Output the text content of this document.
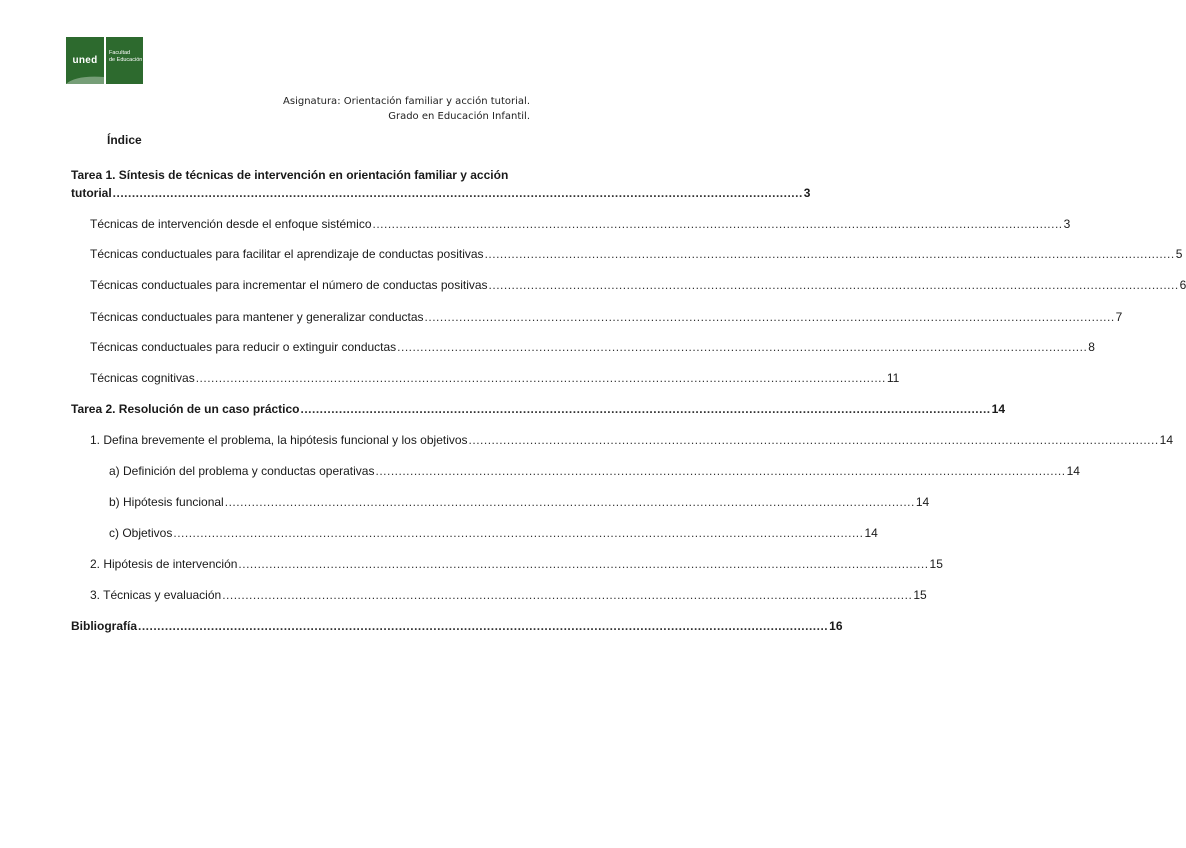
uned
Facultad
de Educación
Asignatura: Orientación familiar y acción tutorial.
Grado en Educación Infantil.
Índice
Tarea 1. Síntesis de técnicas de intervención en orientación familiar y acción
tutorial .................................................................................................................................................................................... 3
Técnicas de intervención desde el enfoque sistémico .................................................................................................................................................................................... 3
Técnicas conductuales para facilitar el aprendizaje de conductas positivas .................................................................................................................................................................................... 5
Técnicas conductuales para incrementar el número de conductas positivas .................................................................................................................................................................................... 6
Técnicas conductuales para mantener y generalizar conductas .................................................................................................................................................................................... 7
Técnicas conductuales para reducir o extinguir conductas .................................................................................................................................................................................... 8
Técnicas cognitivas .................................................................................................................................................................................... 11
Tarea 2. Resolución de un caso práctico .................................................................................................................................................................................... 14
1. Defina brevemente el problema, la hipótesis funcional y los objetivos .................................................................................................................................................................................... 14
a) Definición del problema y conductas operativas .................................................................................................................................................................................... 14
b) Hipótesis funcional .................................................................................................................................................................................... 14
c) Objetivos .................................................................................................................................................................................... 14
2. Hipótesis de intervención .................................................................................................................................................................................... 15
3. Técnicas y evaluación .................................................................................................................................................................................... 15
Bibliografía .................................................................................................................................................................................... 16
